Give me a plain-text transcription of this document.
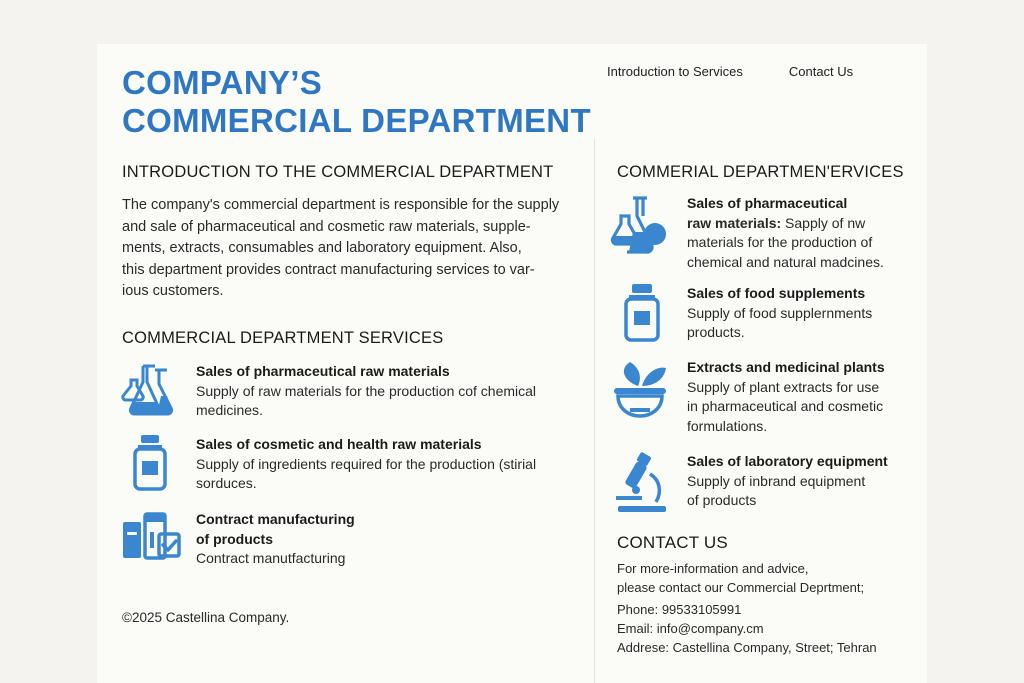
COMPANY’S
COMMERCIAL DEPARTMENT
Introduction to Services	Contact Us
INTRODUCTION TO THE COMMERCIAL DEPARTMENT

The company's commercial department is responsible for the supply
and sale of pharmaceutical and cosmetic raw materials, supple-
ments, extracts, consumables and laboratory equipment. Also,
this department provides contract manufacturing services to var-
ious customers.

COMMERCIAL DEPARTMENT SERVICES
Sales of pharmaceutical raw materials
Supply of raw materials for the production cof chemical
medicines.
Sales of cosmetic and health raw materials
Supply of ingredients required for the production (stirial
sorduces.
Contract manufacturing
of products
Contract manutfacturing
©2025 Castellina Company.
COMMERIAL DEPARTMEN'ERVICES
Sales of pharmaceutical
raw materials: Sapply of nw
materials for the production of
chemical and natural madcines.
Sales of food supplements
Supply of food supplernments
products.
Extracts and medicinal plants
Supply of plant extracts for use
in pharmaceutical and cosmetic
formulations.
Sales of laboratory equipment
Supply of inbrand equipment
of products
CONTACT US

For more-information and advice,
please contact our Commercial Deprtment;

Phone: 99533105991
Email: info@company.cm
Addrese: Castellina Company, Street; Tehran
